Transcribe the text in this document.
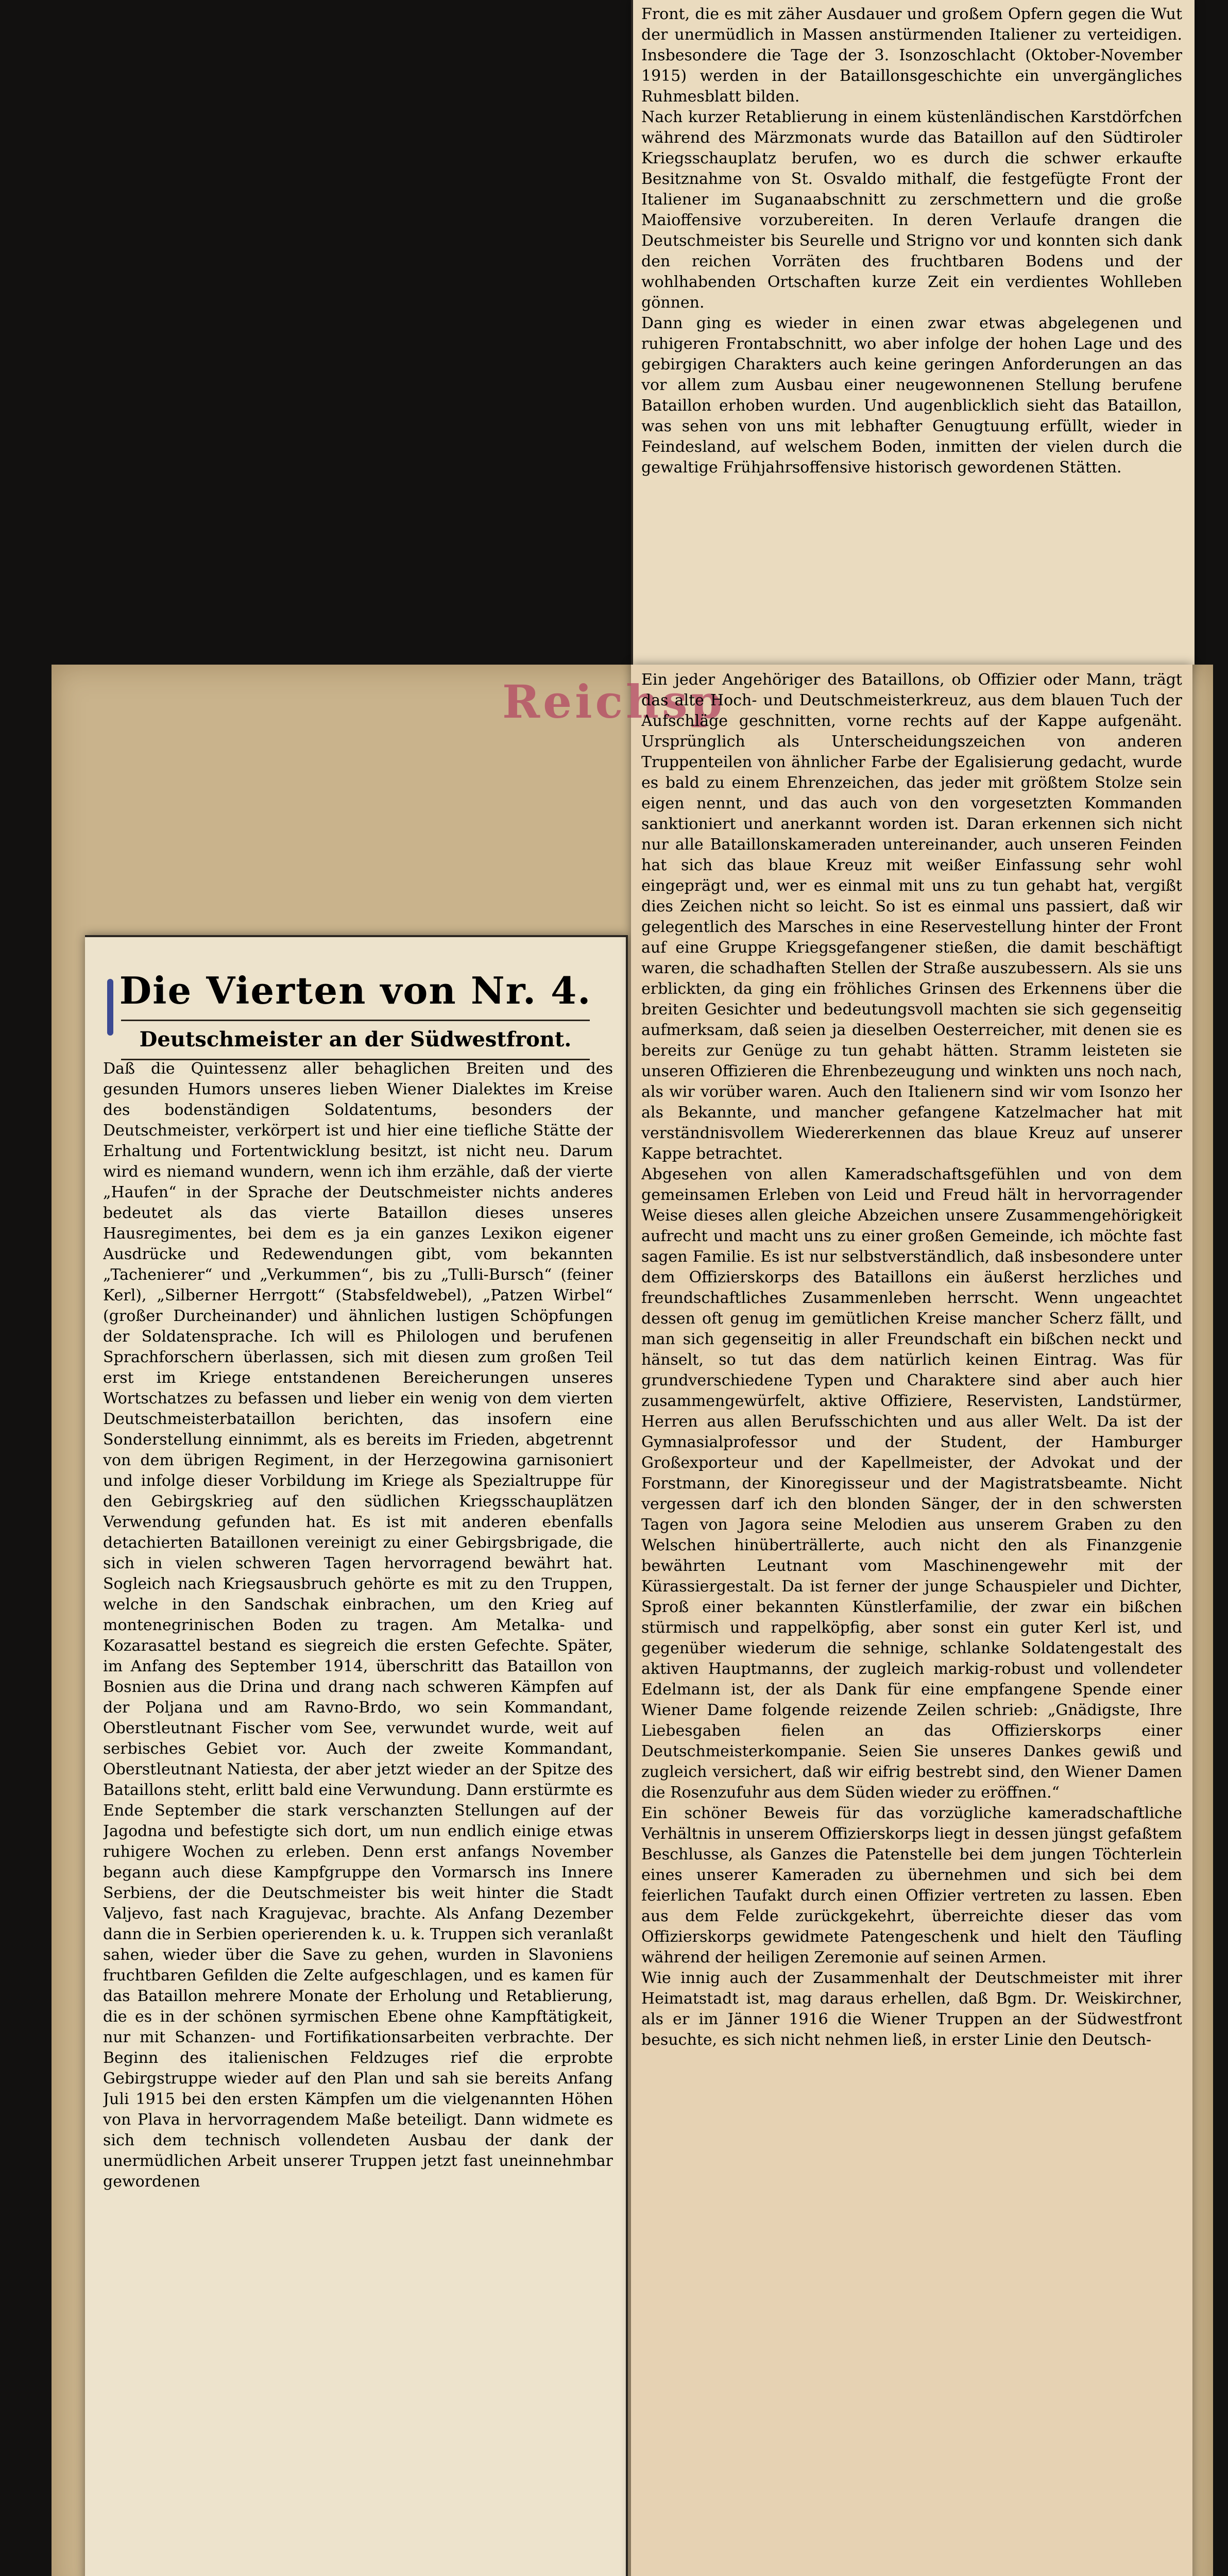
Reichsp
Die Vierten von Nr. 4.
Deutschmeister an der Südwestfront.
Daß die Quintessenz aller behaglichen Breiten und des gesunden Humors unseres lieben Wiener Dialektes im Kreise des bodenständigen Soldatentums, besonders der Deutschmeister, verkörpert ist und hier eine tiefliche Stätte der Erhaltung und Fortentwicklung besitzt, ist nicht neu. Darum wird es niemand wundern, wenn ich ihm erzähle, daß der vierte „Haufen“ in der Sprache der Deutschmeister nichts anderes bedeutet als das vierte Bataillon dieses unseres Hausregimentes, bei dem es ja ein ganzes Lexikon eigener Ausdrücke und Redewendungen gibt, vom bekannten „Tachenierer“ und „Verkummen“, bis zu „Tulli-Bursch“ (feiner Kerl), „Silberner Herrgott“ (Stabsfeldwebel), „Patzen Wirbel“ (großer Durcheinander) und ähnlichen lustigen Schöpfungen der Soldatensprache. Ich will es Philologen und berufenen Sprachforschern überlassen, sich mit diesen zum großen Teil erst im Kriege entstandenen Bereicherungen unseres Wortschatzes zu befassen und lieber ein wenig von dem vierten Deutschmeisterbataillon berichten, das insofern eine Sonderstellung einnimmt, als es bereits im Frieden, abgetrennt von dem übrigen Regiment, in der Herzegowina garnisoniert und infolge dieser Vorbildung im Kriege als Spezialtruppe für den Gebirgskrieg auf den südlichen Kriegsschauplätzen Verwendung gefunden hat. Es ist mit anderen ebenfalls detachierten Bataillonen vereinigt zu einer Gebirgsbrigade, die sich in vielen schweren Tagen hervorragend bewährt hat. Sogleich nach Kriegsausbruch gehörte es mit zu den Truppen, welche in den Sandschak einbrachen, um den Krieg auf montenegrinischen Boden zu tragen. Am Metalka- und Kozarasattel bestand es siegreich die ersten Gefechte. Später, im Anfang des September 1914, überschritt das Bataillon von Bosnien aus die Drina und drang nach schweren Kämpfen auf der Poljana und am Ravno-Brdo, wo sein Kommandant, Oberstleutnant Fischer vom See, verwundet wurde, weit auf serbisches Gebiet vor. Auch der zweite Kommandant, Oberstleutnant Natiesta, der aber jetzt wieder an der Spitze des Bataillons steht, erlitt bald eine Verwundung. Dann erstürmte es Ende September die stark verschanzten Stellungen auf der Jagodna und befestigte sich dort, um nun endlich einige etwas ruhigere Wochen zu erleben. Denn erst anfangs November begann auch diese Kampfgruppe den Vormarsch ins Innere Serbiens, der die Deutschmeister bis weit hinter die Stadt Valjevo, fast nach Kragujevac, brachte. Als Anfang Dezember dann die in Serbien operierenden k. u. k. Truppen sich veranlaßt sahen, wieder über die Save zu gehen, wurden in Slavoniens fruchtbaren Gefilden die Zelte aufgeschlagen, und es kamen für das Bataillon mehrere Monate der Erholung und Retablierung, die es in der schönen syrmischen Ebene ohne Kampftätigkeit, nur mit Schanzen- und Fortifikationsarbeiten verbrachte. Der Beginn des italienischen Feldzuges rief die erprobte Gebirgstruppe wieder auf den Plan und sah sie bereits Anfang Juli 1915 bei den ersten Kämpfen um die vielgenannten Höhen von Plava in hervorragendem Maße beteiligt. Dann widmete es sich dem technisch vollendeten Ausbau der dank der unermüdlichen Arbeit unserer Truppen jetzt fast uneinnehmbar gewordenen
Front, die es mit zäher Ausdauer und großem Opfern gegen die Wut der unermüdlich in Massen anstürmenden Italiener zu verteidigen. Insbesondere die Tage der 3. Isonzoschlacht (Oktober-November 1915) werden in der Bataillonsgeschichte ein unvergängliches Ruhmesblatt bilden.
Nach kurzer Retablierung in einem küstenländischen Karstdörfchen während des Märzmonats wurde das Bataillon auf den Südtiroler Kriegsschauplatz berufen, wo es durch die schwer erkaufte Besitznahme von St. Osvaldo mithalf, die festgefügte Front der Italiener im Suganaabschnitt zu zerschmettern und die große Maioffensive vorzubereiten. In deren Verlaufe drangen die Deutschmeister bis Seurelle und Strigno vor und konnten sich dank den reichen Vorräten des fruchtbaren Bodens und der wohlhabenden Ortschaften kurze Zeit ein verdientes Wohlleben gönnen.
Dann ging es wieder in einen zwar etwas abgelegenen und ruhigeren Frontabschnitt, wo aber infolge der hohen Lage und des gebirgigen Charakters auch keine geringen Anforderungen an das vor allem zum Ausbau einer neugewonnenen Stellung berufene Bataillon erhoben wurden. Und augenblicklich sieht das Bataillon, was sehen von uns mit lebhafter Genugtuung erfüllt, wieder in Feindesland, auf welschem Boden, inmitten der vielen durch die gewaltige Frühjahrsoffensive historisch gewordenen Stätten.
Ein jeder Angehöriger des Bataillons, ob Offizier oder Mann, trägt das alte Hoch- und Deutschmeisterkreuz, aus dem blauen Tuch der Aufschläge geschnitten, vorne rechts auf der Kappe aufgenäht. Ursprünglich als Unterscheidungszeichen von anderen Truppenteilen von ähnlicher Farbe der Egalisierung gedacht, wurde es bald zu einem Ehrenzeichen, das jeder mit größtem Stolze sein eigen nennt, und das auch von den vorgesetzten Kommanden sanktioniert und anerkannt worden ist. Daran erkennen sich nicht nur alle Bataillonskameraden untereinander, auch unseren Feinden hat sich das blaue Kreuz mit weißer Einfassung sehr wohl eingeprägt und, wer es einmal mit uns zu tun gehabt hat, vergißt dies Zeichen nicht so leicht. So ist es einmal uns passiert, daß wir gelegentlich des Marsches in eine Reservestellung hinter der Front auf eine Gruppe Kriegsgefangener stießen, die damit beschäftigt waren, die schadhaften Stellen der Straße auszubessern. Als sie uns erblickten, da ging ein fröhliches Grinsen des Erkennens über die breiten Gesichter und bedeutungsvoll machten sie sich gegenseitig aufmerksam, daß seien ja dieselben Oesterreicher, mit denen sie es bereits zur Genüge zu tun gehabt hätten. Stramm leisteten sie unseren Offizieren die Ehrenbezeugung und winkten uns noch nach, als wir vorüber waren. Auch den Italienern sind wir vom Isonzo her als Bekannte, und mancher gefangene Katzelmacher hat mit verständnisvollem Wiedererkennen das blaue Kreuz auf unserer Kappe betrachtet.
Abgesehen von allen Kameradschaftsgefühlen und von dem gemeinsamen Erleben von Leid und Freud hält in hervorragender Weise dieses allen gleiche Abzeichen unsere Zusammengehörigkeit aufrecht und macht uns zu einer großen Gemeinde, ich möchte fast sagen Familie. Es ist nur selbstverständlich, daß insbesondere unter dem Offizierskorps des Bataillons ein äußerst herzliches und freundschaftliches Zusammenleben herrscht. Wenn ungeachtet dessen oft genug im gemütlichen Kreise mancher Scherz fällt, und man sich gegenseitig in aller Freundschaft ein bißchen neckt und hänselt, so tut das dem natürlich keinen Eintrag. Was für grundverschiedene Typen und Charaktere sind aber auch hier zusammengewürfelt, aktive Offiziere, Reservisten, Landstürmer, Herren aus allen Berufsschichten und aus aller Welt. Da ist der Gymnasialprofessor und der Student, der Hamburger Großexporteur und der Kapellmeister, der Advokat und der Forstmann, der Kinoregisseur und der Magistratsbeamte. Nicht vergessen darf ich den blonden Sänger, der in den schwersten Tagen von Jagora seine Melodien aus unserem Graben zu den Welschen hinüberträllerte, auch nicht den als Finanzgenie bewährten Leutnant vom Maschinengewehr mit der Kürassiergestalt. Da ist ferner der junge Schauspieler und Dichter, Sproß einer bekannten Künstlerfamilie, der zwar ein bißchen stürmisch und rappelköpfig, aber sonst ein guter Kerl ist, und gegenüber wiederum die sehnige, schlanke Soldatengestalt des aktiven Hauptmanns, der zugleich markig-robust und vollendeter Edelmann ist, der als Dank für eine empfangene Spende einer Wiener Dame folgende reizende Zeilen schrieb: „Gnädigste, Ihre Liebesgaben fielen an das Offizierskorps einer Deutschmeisterkompanie. Seien Sie unseres Dankes gewiß und zugleich versichert, daß wir eifrig bestrebt sind, den Wiener Damen die Rosenzufuhr aus dem Süden wieder zu eröffnen.“
Ein schöner Beweis für das vorzügliche kameradschaftliche Verhältnis in unserem Offizierskorps liegt in dessen jüngst gefaßtem Beschlusse, als Ganzes die Patenstelle bei dem jungen Töchterlein eines unserer Kameraden zu übernehmen und sich bei dem feierlichen Taufakt durch einen Offizier vertreten zu lassen. Eben aus dem Felde zurückgekehrt, überreichte dieser das vom Offizierskorps gewidmete Patengeschenk und hielt den Täufling während der heiligen Zeremonie auf seinen Armen.
Wie innig auch der Zusammenhalt der Deutschmeister mit ihrer Heimatstadt ist, mag daraus erhellen, daß Bgm. Dr. Weiskirchner, als er im Jänner 1916 die Wiener Truppen an der Südwestfront besuchte, es sich nicht nehmen ließ, in erster Linie den Deutsch-
